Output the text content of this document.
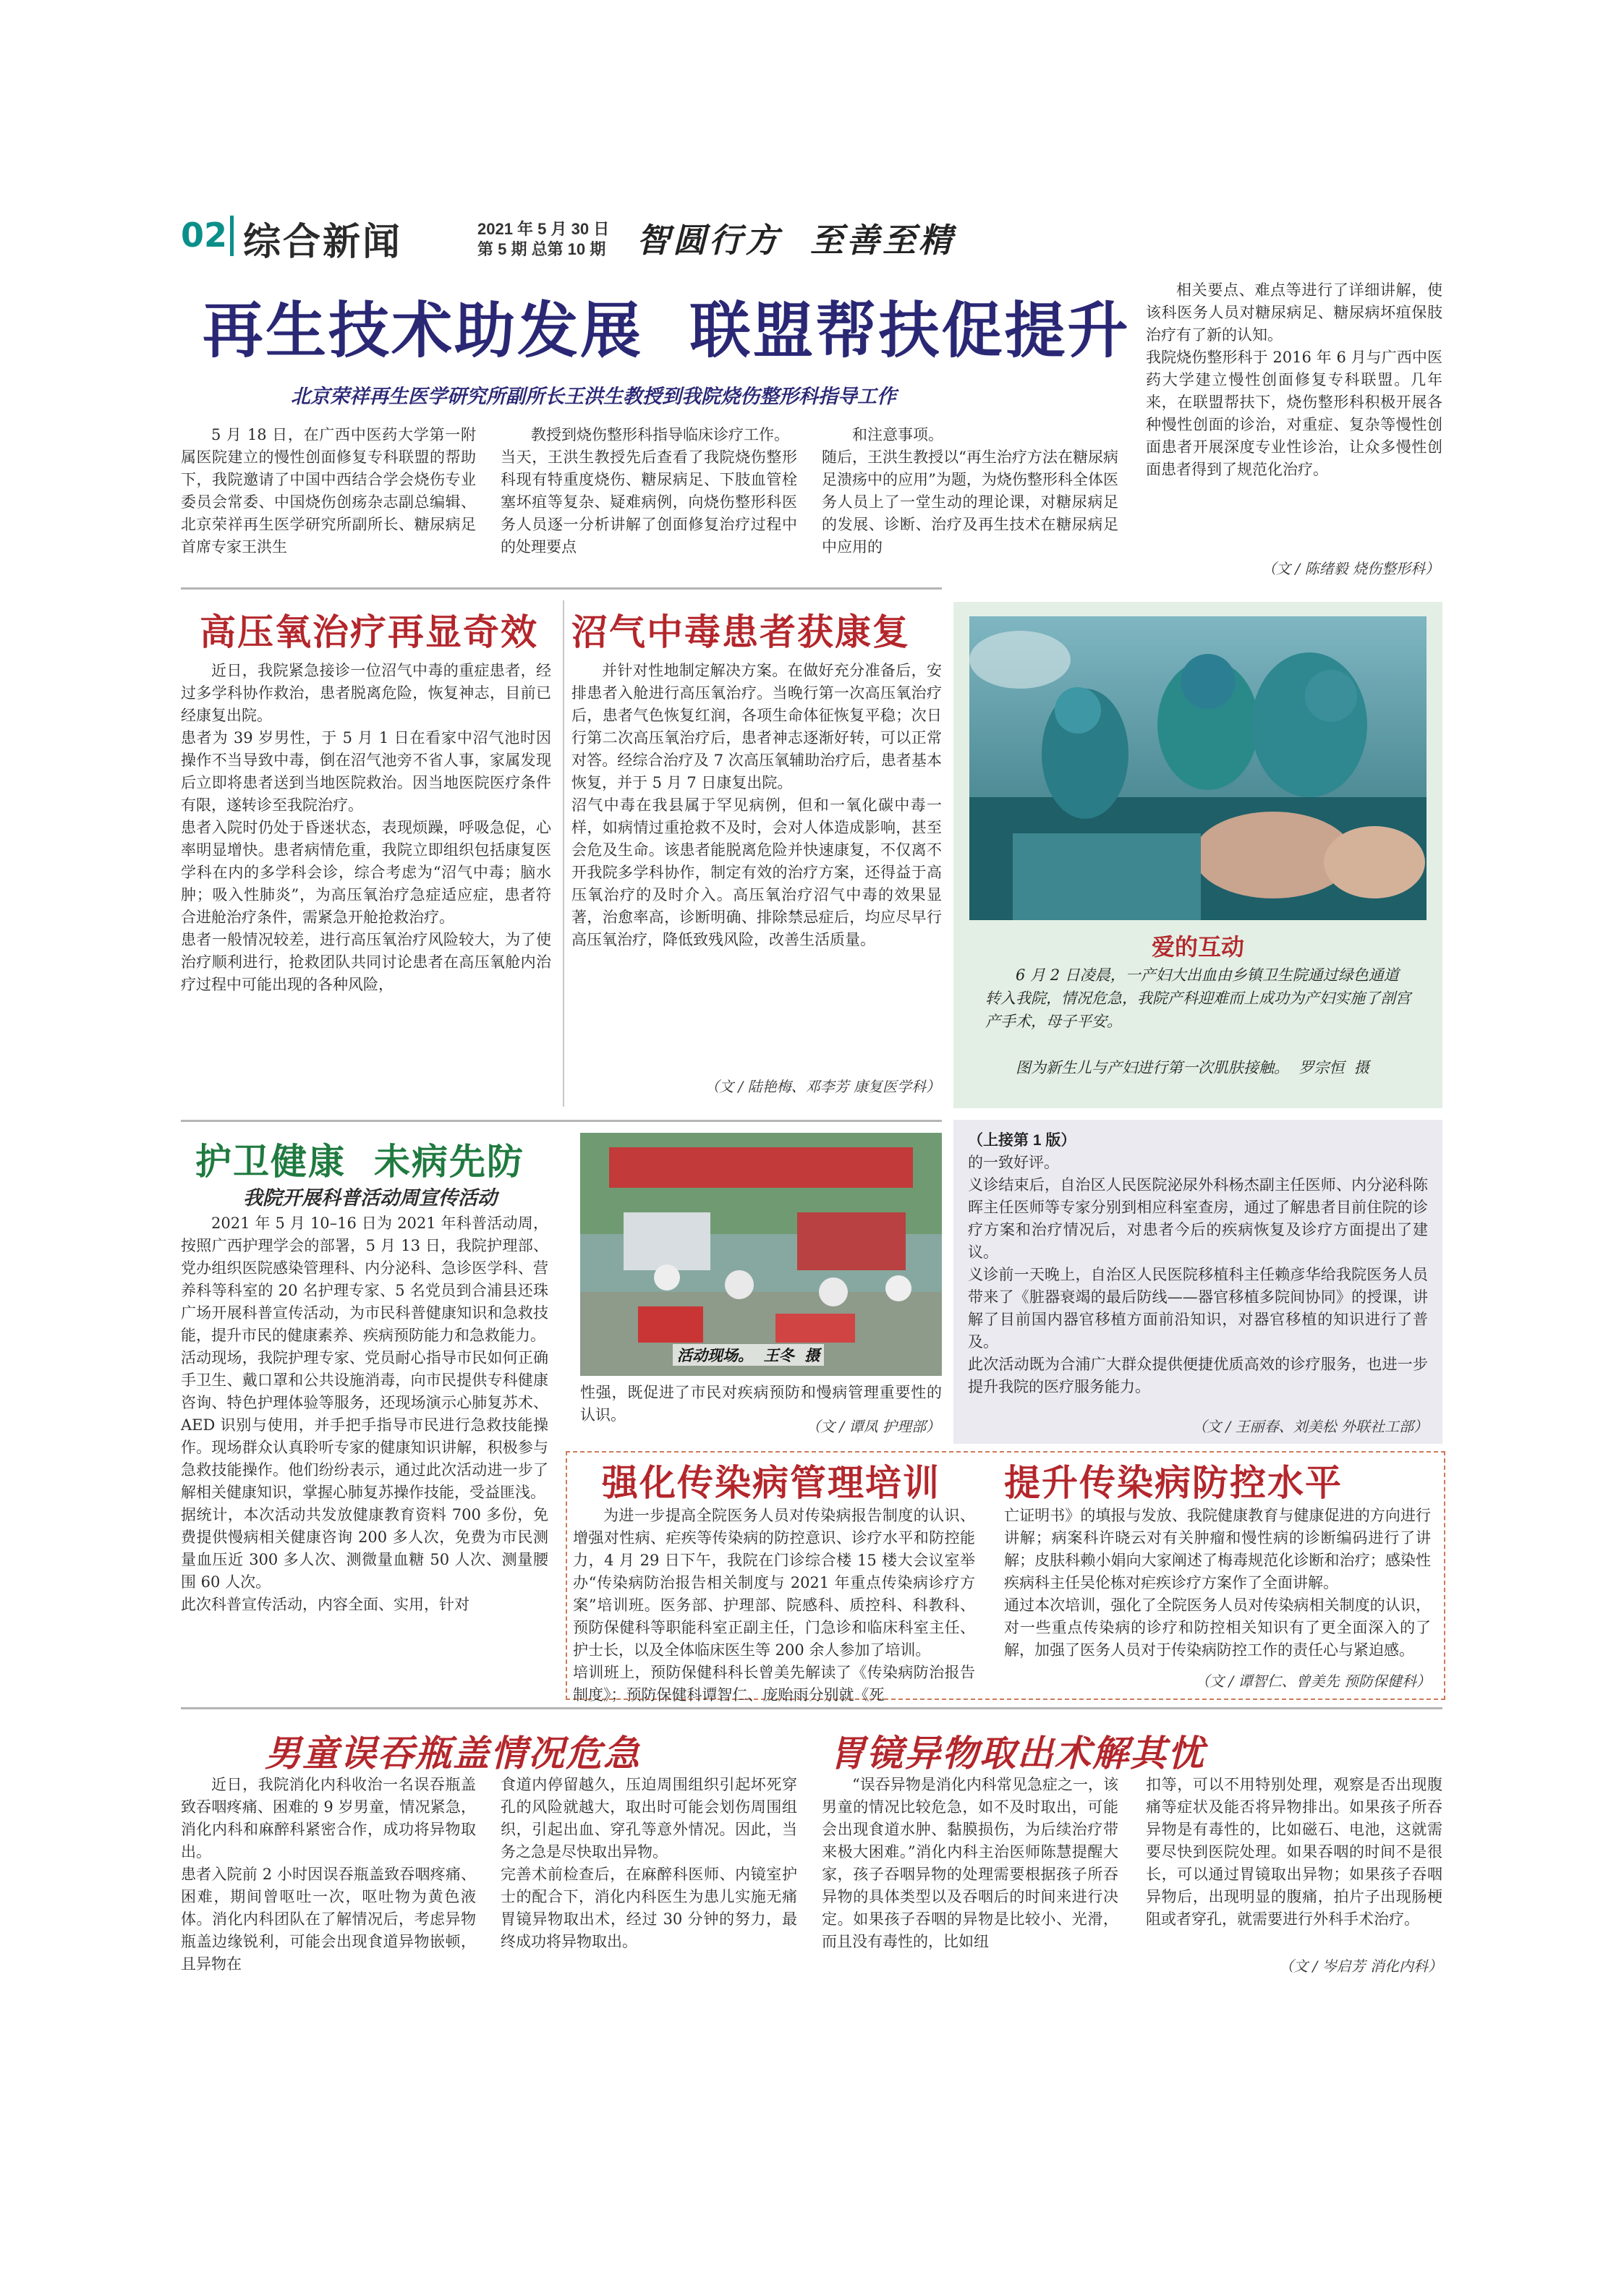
02 综合新闻	2021 年 5 月 30 日
第 5 期 总第 10 期 智圆行方  至善至精
再生技术助发展  联盟帮扶促提升
北京荣祥再生医学研究所副所长王洪生教授到我院烧伤整形科指导工作

5 月 18 日，在广西中医药大学第一附属医院建立的慢性创面修复专科联盟的帮助下，我院邀请了中国中西结合学会烧伤专业委员会常委、中国烧伤创疡杂志副总编辑、北京荣祥再生医学研究所副所长、糖尿病足首席专家王洪生

教授到烧伤整形科指导临床诊疗工作。
当天，王洪生教授先后查看了我院烧伤整形科现有特重度烧伤、糖尿病足、下肢血管栓塞坏疽等复杂、疑难病例，向烧伤整形科医务人员逐一分析讲解了创面修复治疗过程中的处理要点
和注意事项。
随后，王洪生教授以“再生治疗方法在糖尿病足溃疡中的应用”为题，为烧伤整形科全体医务人员上了一堂生动的理论课，对糖尿病足的发展、诊断、治疗及再生技术在糖尿病足中应用的
相关要点、难点等进行了详细讲解，使该科医务人员对糖尿病足、糖尿病坏疽保肢治疗有了新的认知。
我院烧伤整形科于 2016 年 6 月与广西中医药大学建立慢性创面修复专科联盟。几年来，在联盟帮扶下，烧伤整形科积极开展各种慢性创面的诊治，对重症、复杂等慢性创面患者开展深度专业性诊治，让众多慢性创面患者得到了规范化治疗。
（文 / 陈绪毅 烧伤整形科）
高压氧治疗再显奇效 沼气中毒患者获康复
近日，我院紧急接诊一位沼气中毒的重症患者，经过多学科协作救治，患者脱离危险，恢复神志，目前已经康复出院。
患者为 39 岁男性，于 5 月 1 日在看家中沼气池时因操作不当导致中毒，倒在沼气池旁不省人事，家属发现后立即将患者送到当地医院救治。因当地医院医疗条件有限，遂转诊至我院治疗。
患者入院时仍处于昏迷状态，表现烦躁，呼吸急促，心率明显增快。患者病情危重，我院立即组织包括康复医学科在内的多学科会诊，综合考虑为“沼气中毒；脑水肿；吸入性肺炎”，为高压氧治疗急症适应症，患者符合进舱治疗条件，需紧急开舱抢救治疗。
患者一般情况较差，进行高压氧治疗风险较大，为了使治疗顺利进行，抢救团队共同讨论患者在高压氧舱内治疗过程中可能出现的各种风险，
并针对性地制定解决方案。在做好充分准备后，安排患者入舱进行高压氧治疗。当晚行第一次高压氧治疗后，患者气色恢复红润，各项生命体征恢复平稳；次日行第二次高压氧治疗后，患者神志逐渐好转，可以正常对答。经综合治疗及 7 次高压氧辅助治疗后，患者基本恢复，并于 5 月 7 日康复出院。
沼气中毒在我县属于罕见病例，但和一氧化碳中毒一样，如病情过重抢救不及时，会对人体造成影响，甚至会危及生命。该患者能脱离危险并快速康复，不仅离不开我院多学科协作，制定有效的治疗方案，还得益于高压氧治疗的及时介入。高压氧治疗沼气中毒的效果显著，治愈率高，诊断明确、排除禁忌症后，均应尽早行高压氧治疗，降低致残风险，改善生活质量。
（文 / 陆艳梅、邓李芳 康复医学科）
爱的互动
6 月 2 日凌晨，一产妇大出血由乡镇卫生院通过绿色通道转入我院，情况危急，我院产科迎难而上成功为产妇实施了剖宫产手术，母子平安。
图为新生儿与产妇进行第一次肌肤接触。  罗宗恒  摄
护卫健康  未病先防
我院开展科普活动周宣传活动
活动现场。  王冬  摄
2021 年 5 月 10–16 日为 2021 年科普活动周，按照广西护理学会的部署，5 月 13 日，我院护理部、党办组织医院感染管理科、内分泌科、急诊医学科、营养科等科室的 20 名护理专家、5 名党员到合浦县还珠广场开展科普宣传活动，为市民科普健康知识和急救技能，提升市民的健康素养、疾病预防能力和急救能力。
活动现场，我院护理专家、党员耐心指导市民如何正确手卫生、戴口罩和公共设施消毒，向市民提供专科健康咨询、特色护理体验等服务，还现场演示心肺复苏术、AED 识别与使用，并手把手指导市民进行急救技能操作。现场群众认真聆听专家的健康知识讲解，积极参与急救技能操作。他们纷纷表示，通过此次活动进一步了解相关健康知识，掌握心肺复苏操作技能，受益匪浅。
据统计，本次活动共发放健康教育资料 700 多份，免费提供慢病相关健康咨询 200 多人次，免费为市民测量血压近 300 多人次、测微量血糖 50 人次、测量腰围 60 人次。
此次科普宣传活动，内容全面、实用，针对
性强，既促进了市民对疾病预防和慢病管理重要性的认识。
（文 / 谭凤 护理部）
（上接第 1 版）
的一致好评。
义诊结束后，自治区人民医院泌尿外科杨杰副主任医师、内分泌科陈晖主任医师等专家分别到相应科室查房，通过了解患者目前住院的诊疗方案和治疗情况后，对患者今后的疾病恢复及诊疗方面提出了建议。
义诊前一天晚上，自治区人民医院移植科主任赖彦华给我院医务人员带来了《脏器衰竭的最后防线——器官移植多院间协同》的授课，讲解了目前国内器官移植方面前沿知识，对器官移植的知识进行了普及。
此次活动既为合浦广大群众提供便捷优质高效的诊疗服务，也进一步提升我院的医疗服务能力。
（文 / 王丽春、刘美松 外联社工部）
强化传染病管理培训 提升传染病防控水平
为进一步提高全院医务人员对传染病报告制度的认识、增强对性病、疟疾等传染病的防控意识、诊疗水平和防控能力，4 月 29 日下午，我院在门诊综合楼 15 楼大会议室举办“传染病防治报告相关制度与 2021 年重点传染病诊疗方案”培训班。医务部、护理部、院感科、质控科、科教科、预防保健科等职能科室正副主任，门急诊和临床科室主任、护士长，以及全体临床医生等 200 余人参加了培训。
培训班上，预防保健科科长曾美先解读了《传染病防治报告制度》；预防保健科谭智仁、庞贻雨分别就《死
亡证明书》的填报与发放、我院健康教育与健康促进的方向进行讲解；病案科许晓云对有关肿瘤和慢性病的诊断编码进行了讲解；皮肤科赖小娟向大家阐述了梅毒规范化诊断和治疗；感染性疾病科主任吴伦栋对疟疾诊疗方案作了全面讲解。
通过本次培训，强化了全院医务人员对传染病相关制度的认识，对一些重点传染病的诊疗和防控相关知识有了更全面深入的了解，加强了医务人员对于传染病防控工作的责任心与紧迫感。
（文 / 谭智仁、曾美先 预防保健科）
男童误吞瓶盖情况危急	胃镜异物取出术解其忧
近日，我院消化内科收治一名误吞瓶盖致吞咽疼痛、困难的 9 岁男童，情况紧急，消化内科和麻醉科紧密合作，成功将异物取出。
患者入院前 2 小时因误吞瓶盖致吞咽疼痛、困难，期间曾呕吐一次，呕吐物为黄色液体。消化内科团队在了解情况后，考虑异物瓶盖边缘锐利，可能会出现食道异物嵌顿，且异物在
食道内停留越久，压迫周围组织引起坏死穿孔的风险就越大，取出时可能会划伤周围组织，引起出血、穿孔等意外情况。因此，当务之急是尽快取出异物。
完善术前检查后，在麻醉科医师、内镜室护士的配合下，消化内科医生为患儿实施无痛胃镜异物取出术，经过 30 分钟的努力，最终成功将异物取出。
“误吞异物是消化内科常见急症之一，该男童的情况比较危急，如不及时取出，可能会出现食道水肿、黏膜损伤，为后续治疗带来极大困难。”消化内科主治医师陈慧提醒大家，孩子吞咽异物的处理需要根据孩子所吞异物的具体类型以及吞咽后的时间来进行决定。如果孩子吞咽的异物是比较小、光滑，而且没有毒性的，比如纽
扣等，可以不用特别处理，观察是否出现腹痛等症状及能否将异物排出。如果孩子所吞异物是有毒性的，比如磁石、电池，这就需要尽快到医院处理。如果吞咽的时间不是很长，可以通过胃镜取出异物；如果孩子吞咽异物后，出现明显的腹痛，拍片子出现肠梗阻或者穿孔，就需要进行外科手术治疗。
（文 / 岑启芳 消化内科）
